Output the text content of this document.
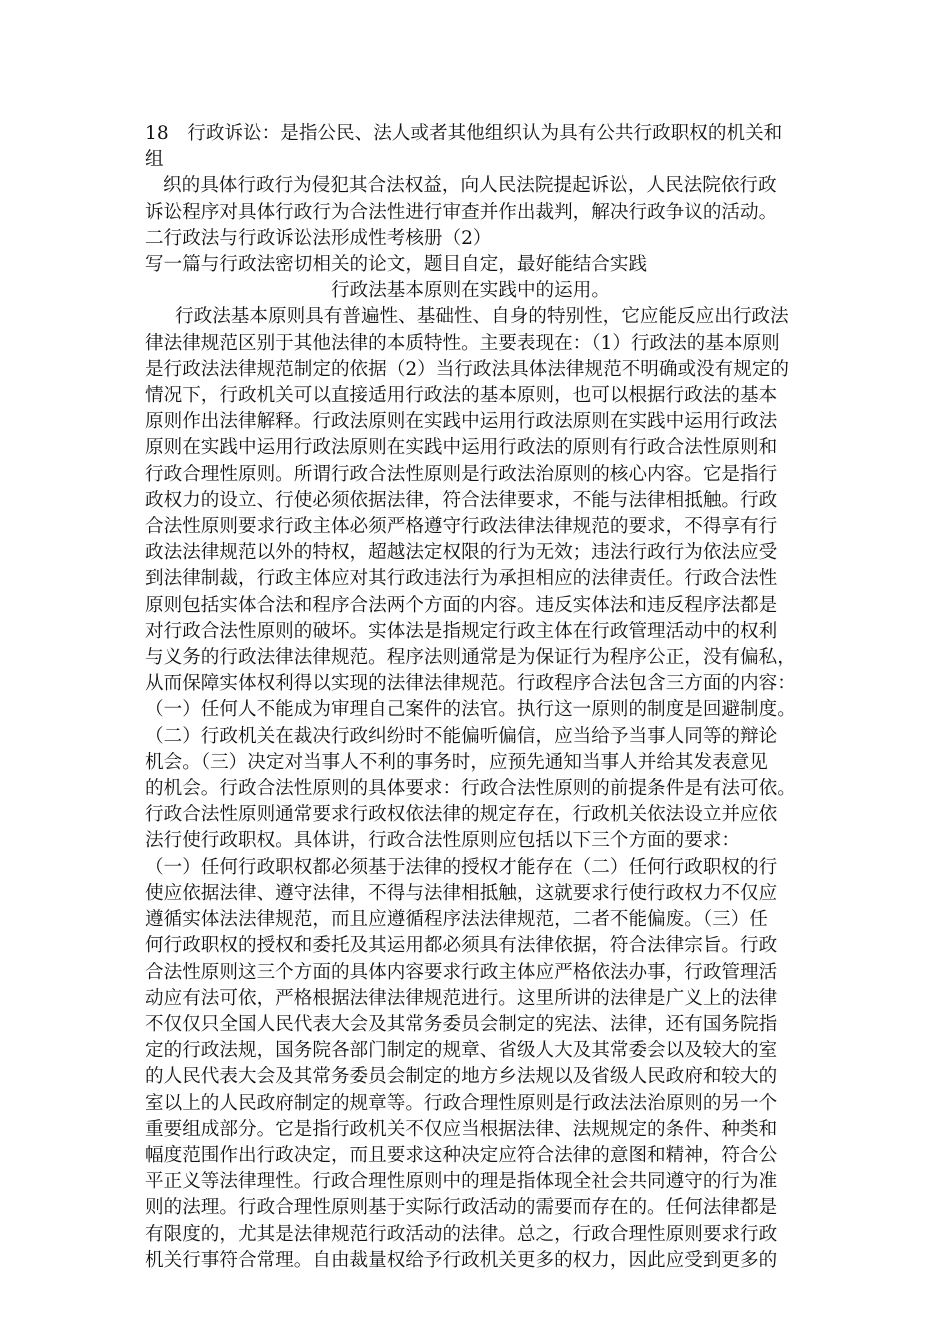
18　行政诉讼：是指公民、法人或者其他组织认为具有公共行政职权的机关和
组
织的具体行政行为侵犯其合法权益，向人民法院提起诉讼，人民法院依行政
诉讼程序对具体行政行为合法性进行审查并作出裁判，解决行政争议的活动。
二行政法与行政诉讼法形成性考核册（2）
写一篇与行政法密切相关的论文，题目自定，最好能结合实践
行政法基本原则在实践中的运用。
行政法基本原则具有普遍性、基础性、自身的特别性，它应能反应出行政法
律法律规范区别于其他法律的本质特性。主要表现在：（1）行政法的基本原则
是行政法法律规范制定的依据（2）当行政法具体法律规范不明确或没有规定的
情况下，行政机关可以直接适用行政法的基本原则，也可以根据行政法的基本
原则作出法律解释。行政法原则在实践中运用行政法原则在实践中运用行政法
原则在实践中运用行政法原则在实践中运用行政法的原则有行政合法性原则和
行政合理性原则。所谓行政合法性原则是行政法治原则的核心内容。它是指行
政权力的设立、行使必须依据法律，符合法律要求，不能与法律相抵触。行政
合法性原则要求行政主体必须严格遵守行政法律法律规范的要求，不得享有行
政法法律规范以外的特权，超越法定权限的行为无效；违法行政行为依法应受
到法律制裁，行政主体应对其行政违法行为承担相应的法律责任。行政合法性
原则包括实体合法和程序合法两个方面的内容。违反实体法和违反程序法都是
对行政合法性原则的破坏。实体法是指规定行政主体在行政管理活动中的权利
与义务的行政法律法律规范。程序法则通常是为保证行为程序公正，没有偏私，
从而保障实体权利得以实现的法律法律规范。行政程序合法包含三方面的内容：
（一）任何人不能成为审理自己案件的法官。执行这一原则的制度是回避制度。
（二）行政机关在裁决行政纠纷时不能偏听偏信，应当给予当事人同等的辩论
机会。（三）决定对当事人不利的事务时，应预先通知当事人并给其发表意见
的机会。行政合法性原则的具体要求：行政合法性原则的前提条件是有法可依。
行政合法性原则通常要求行政权依法律的规定存在，行政机关依法设立并应依
法行使行政职权。具体讲，行政合法性原则应包括以下三个方面的要求：
（一）任何行政职权都必须基于法律的授权才能存在（二）任何行政职权的行
使应依据法律、遵守法律，不得与法律相抵触，这就要求行使行政权力不仅应
遵循实体法法律规范，而且应遵循程序法法律规范，二者不能偏废。（三）任
何行政职权的授权和委托及其运用都必须具有法律依据，符合法律宗旨。行政
合法性原则这三个方面的具体内容要求行政主体应严格依法办事，行政管理活
动应有法可依，严格根据法律法律规范进行。这里所讲的法律是广义上的法律
不仅仅只全国人民代表大会及其常务委员会制定的宪法、法律，还有国务院指
定的行政法规，国务院各部门制定的规章、省级人大及其常委会以及较大的室
的人民代表大会及其常务委员会制定的地方乡法规以及省级人民政府和较大的
室以上的人民政府制定的规章等。行政合理性原则是行政法法治原则的另一个
重要组成部分。它是指行政机关不仅应当根据法律、法规规定的条件、种类和
幅度范围作出行政决定，而且要求这种决定应符合法律的意图和精神，符合公
平正义等法律理性。行政合理性原则中的理是指体现全社会共同遵守的行为准
则的法理。行政合理性原则基于实际行政活动的需要而存在的。任何法律都是
有限度的，尤其是法律规范行政活动的法律。总之，行政合理性原则要求行政
机关行事符合常理。自由裁量权给予行政机关更多的权力，因此应受到更多的
